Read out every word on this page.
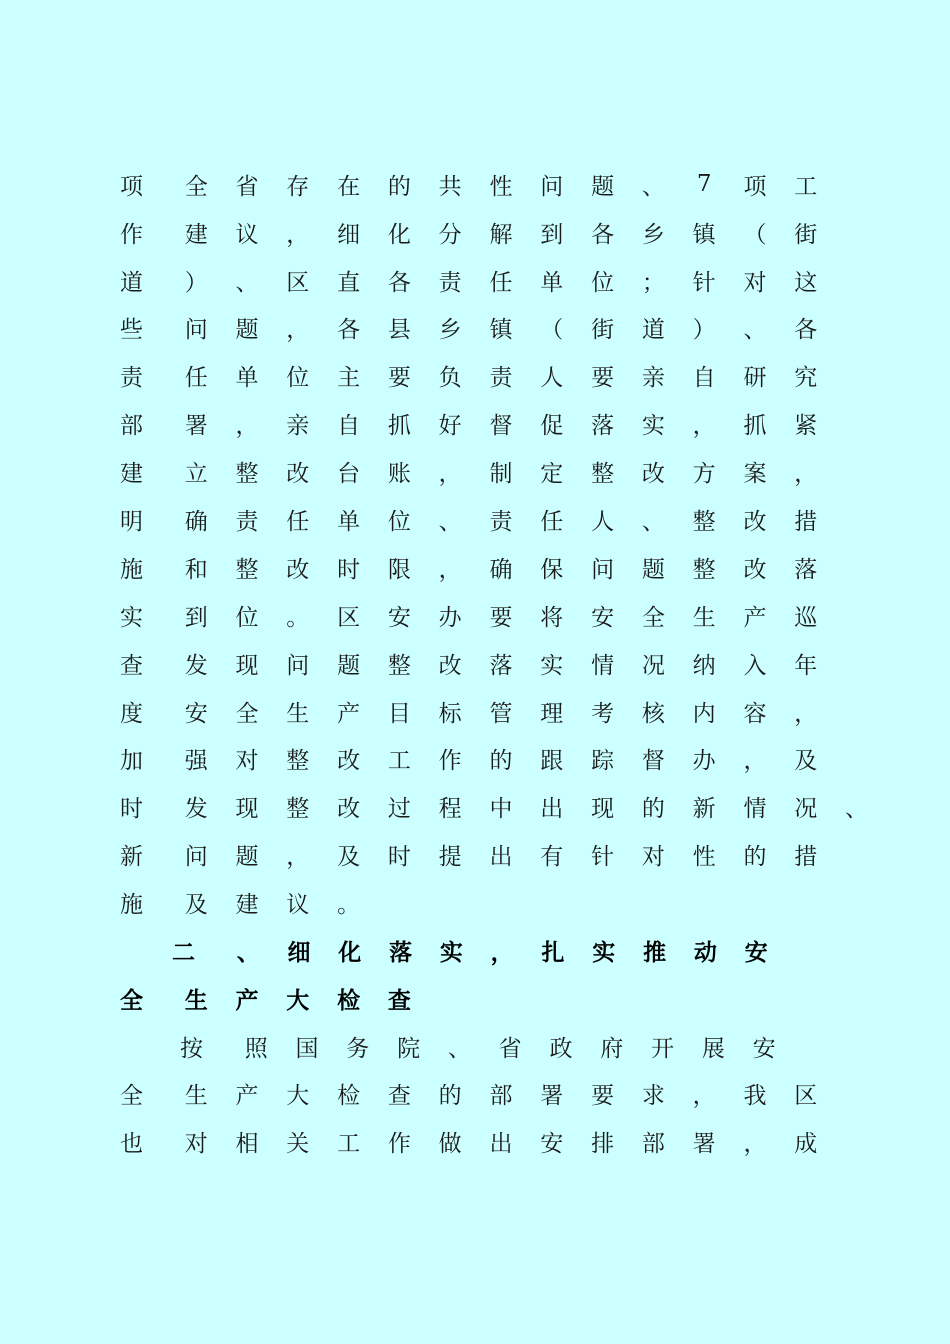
项	全	省	存	在	的	共	性	问	题	、	7	项	工
作	建	议	，	细	化	分	解	到	各	乡	镇	（	街
道	）	、	区	直	各	责	任	单	位	；	针	对	这
些	问	题	，	各	县	乡	镇	（	街	道	）	、	各
责	任	单	位	主	要	负	责	人	要	亲	自	研	究
部	署	，	亲	自	抓	好	督	促	落	实	，	抓	紧
建	立	整	改	台	账	，	制	定	整	改	方	案	，
明	确	责	任	单	位	、	责	任	人	、	整	改	措
施	和	整	改	时	限	，	确	保	问	题	整	改	落
实	到	位	。	区	安	办	要	将	安	全	生	产	巡
查	发	现	问	题	整	改	落	实	情	况	纳	入	年
度	安	全	生	产	目	标	管	理	考	核	内	容	，
加	强	对	整	改	工	作	的	跟	踪	督	办	，	及
时	发	现	整	改	过	程	中	出	现	的	新	情	况	、
新	问	题	，	及	时	提	出	有	针	对	性	的	措
施	及	建	议	。
二	、	细	化	落	实	，	扎	实	推	动	安
全	生	产	大	检	查
按	照	国	务	院	、	省	政	府	开	展	安
全	生	产	大	检	查	的	部	署	要	求	，	我	区
也	对	相	关	工	作	做	出	安	排	部	署	，	成
